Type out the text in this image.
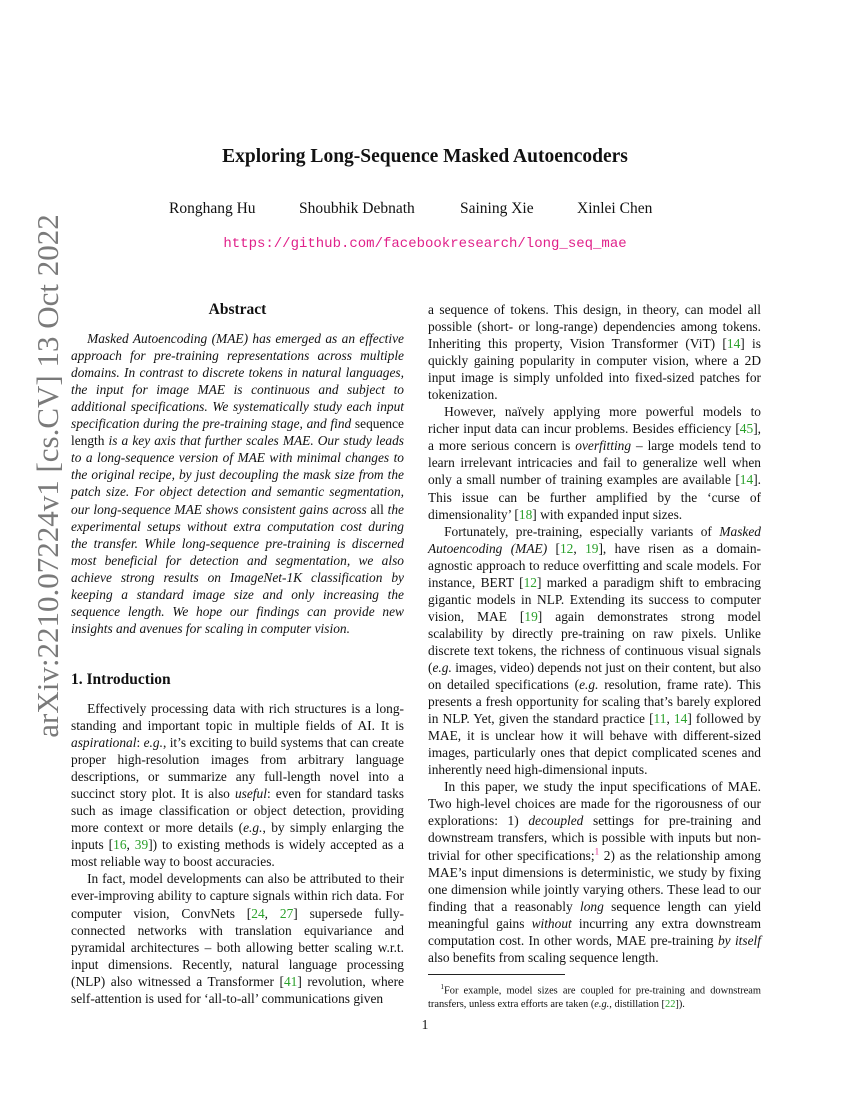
Exploring Long-Sequence Masked Autoencoders
Ronghang Hu	Shoubhik Debnath	Saining Xie	Xinlei Chen
https://github.com/facebookresearch/long_seq_mae
arXiv:2210.07224v1 [cs.CV] 13 Oct 2022	Abstract

Masked Autoencoding (MAE) has emerged as an effective approach for pre-training representations across multiple domains. In contrast to discrete tokens in natural languages, the input for image MAE is continuous and subject to additional specifications. We systematically study each input specification during the pre-training stage, and find sequence length is a key axis that further scales MAE. Our study leads to a long-sequence version of MAE with minimal changes to the original recipe, by just decoupling the mask size from the patch size. For object detection and semantic segmentation, our long-sequence MAE shows consistent gains across all the experimental setups without extra computation cost during the transfer. While long-sequence pre-training is discerned most beneficial for detection and segmentation, we also achieve strong results on ImageNet-1K classification by keeping a standard image size and only increasing the sequence length. We hope our findings can provide new insights and avenues for scaling in computer vision.

1. Introduction

Effectively processing data with rich structures is a long-standing and important topic in multiple fields of AI. It is aspirational: e.g., it’s exciting to build systems that can create proper high-resolution images from arbitrary language descriptions, or summarize any full-length novel into a succinct story plot. It is also useful: even for standard tasks such as image classification or object detection, providing more context or more details (e.g., by simply enlarging the inputs [16, 39]) to existing methods is widely accepted as a most reliable way to boost accuracies.

In fact, model developments can also be attributed to their ever-improving ability to capture signals within rich data. For computer vision, ConvNets [24, 27] supersede fully-connected networks with translation equivariance and pyramidal architectures – both allowing better scaling w.r.t. input dimensions. Recently, natural language processing (NLP) also witnessed a Transformer [41] revolution, where self-attention is used for ‘all-to-all’ communications given

a sequence of tokens. This design, in theory, can model all possible (short- or long-range) dependencies among tokens. Inheriting this property, Vision Transformer (ViT) [14] is quickly gaining popularity in computer vision, where a 2D input image is simply unfolded into fixed-sized patches for tokenization.

However, naïvely applying more powerful models to richer input data can incur problems. Besides efficiency [45], a more serious concern is overfitting – large models tend to learn irrelevant intricacies and fail to generalize well when only a small number of training examples are available [14]. This issue can be further amplified by the ‘curse of dimensionality’ [18] with expanded input sizes.

Fortunately, pre-training, especially variants of Masked Autoencoding (MAE) [12, 19], have risen as a domain-agnostic approach to reduce overfitting and scale models. For instance, BERT [12] marked a paradigm shift to embracing gigantic models in NLP. Extending its success to computer vision, MAE [19] again demonstrates strong model scalability by directly pre-training on raw pixels. Unlike discrete text tokens, the richness of continuous visual signals (e.g. images, video) depends not just on their content, but also on detailed specifications (e.g. resolution, frame rate). This presents a fresh opportunity for scaling that’s barely explored in NLP. Yet, given the standard practice [11, 14] followed by MAE, it is unclear how it will behave with different-sized images, particularly ones that depict complicated scenes and inherently need high-dimensional inputs.

In this paper, we study the input specifications of MAE. Two high-level choices are made for the rigorousness of our explorations: 1) decoupled settings for pre-training and downstream transfers, which is possible with inputs but non-trivial for other specifications;$^1$ 2) as the relationship among MAE’s input dimensions is deterministic, we study by fixing one dimension while jointly varying others. These lead to our finding that a reasonably long sequence length can yield meaningful gains without incurring any extra downstream computation cost. In other words, MAE pre-training by itself also benefits from scaling sequence length.

$^1$For example, model sizes are coupled for pre-training and downstream transfers, unless extra efforts are taken (e.g., distillation [22]).

1
